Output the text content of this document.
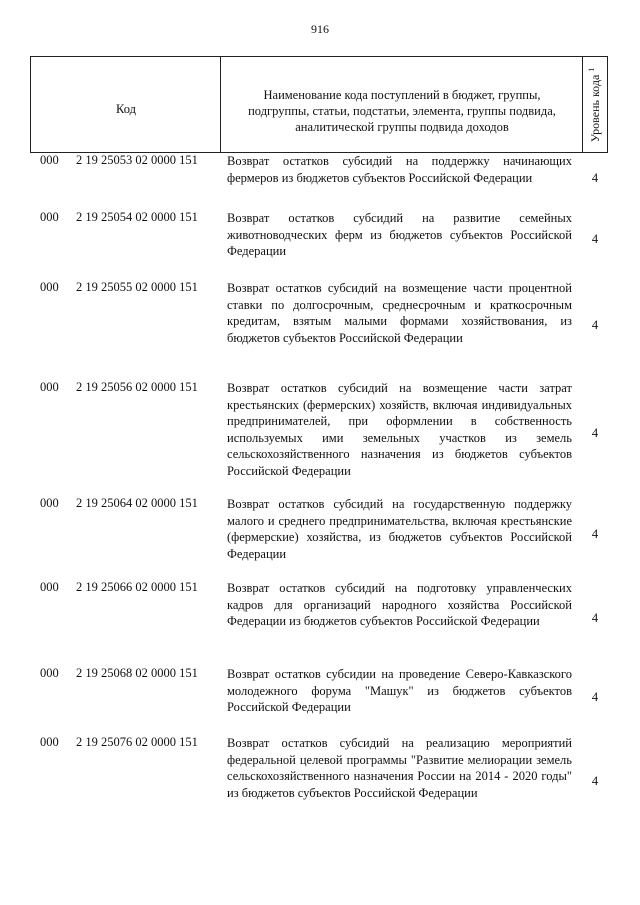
916
Код
Наименование кода поступлений в бюджет, группы,
подгруппы, статьи, подстатьи, элемента, группы подвида,
аналитической группы подвида доходов	Уровень кода $^1$
000 2 19 25053 02 0000 151 Возврат остатков субсидий на поддержку начинающих фермеров из бюджетов субъектов Российской Федерации	4
000 2 19 25054 02 0000 151 Возврат остатков субсидий на развитие семейных животноводческих ферм из бюджетов субъектов Российской Федерации
4
000 2 19 25055 02 0000 151 Возврат остатков субсидий на возмещение части процентной ставки по долгосрочным, среднесрочным и краткосрочным кредитам, взятым малыми формами хозяйствования, из бюджетов субъектов Российской Федерации
4
000 2 19 25056 02 0000 151 Возврат остатков субсидий на возмещение части затрат крестьянских (фермерских) хозяйств, включая индивидуальных предпринимателей, при оформлении в собственность используемых ими земельных участков из земель сельскохозяйственного назначения из бюджетов субъектов Российской Федерации
4
000 2 19 25064 02 0000 151 Возврат остатков субсидий на государственную поддержку малого и среднего предпринимательства, включая крестьянские (фермерские) хозяйства, из бюджетов субъектов Российской Федерации
4
000 2 19 25066 02 0000 151 Возврат остатков субсидий на подготовку управленческих кадров для организаций народного хозяйства Российской Федерации из бюджетов субъектов Российской Федерации	4
000 2 19 25068 02 0000 151 Возврат остатков субсидии на проведение Северо-Кавказского молодежного форума "Машук" из бюджетов субъектов Российской Федерации
4
000 2 19 25076 02 0000 151 Возврат остатков субсидий на реализацию мероприятий федеральной целевой программы "Развитие мелиорации земель сельскохозяйственного назначения России на 2014 - 2020 годы" из бюджетов субъектов Российской Федерации
4
